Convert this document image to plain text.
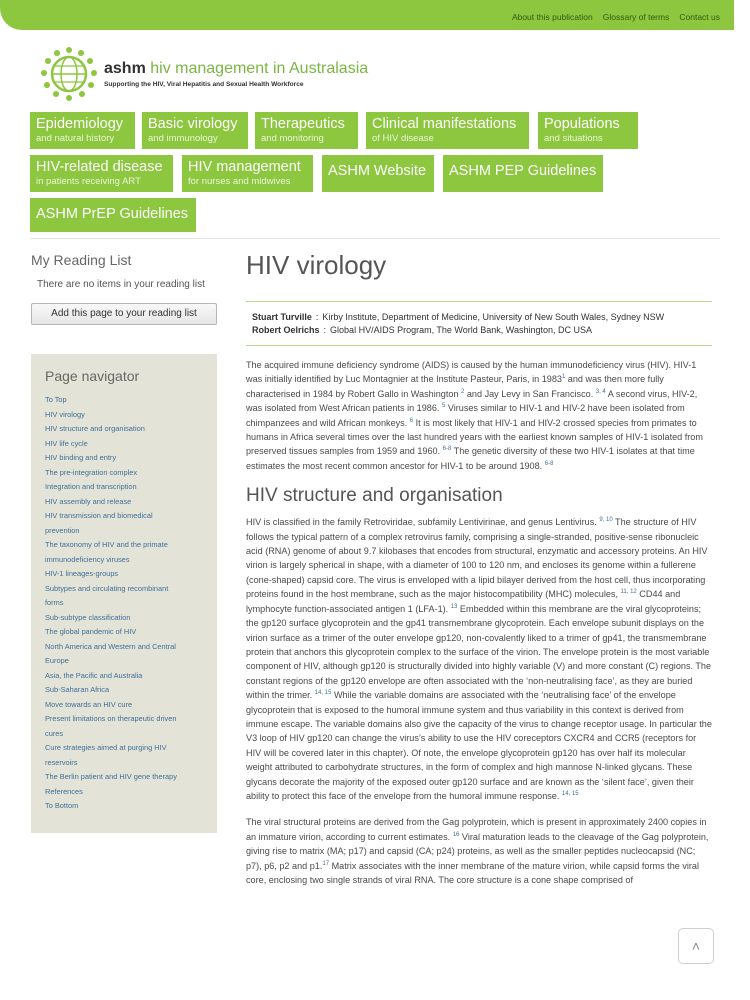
About this publication Glossary of terms Contact us
ashm hiv management in Australasia
Supporting the HIV, Viral Hepatitis and Sexual Health Workforce
Epidemiology
and natural history
Basic virology
and immunology
Therapeutics
and monitoring
Clinical manifestations
of HIV disease
Populations
and situations
HIV-related disease
in patients receiving ART
HIV management
for nurses and midwives
ASHM Website ASHM PEP Guidelines
ASHM PrEP Guidelines
My Reading List
There are no items in your reading list
Add this page to your reading list
Page navigator
To Top
HIV virology
HIV structure and organisation
HIV life cycle
HIV binding and entry
The pre-integration complex
Integration and transcription
HIV assembly and release
HIV transmission and biomedical
prevention
The taxonomy of HIV and the primate
immunodeficiency viruses
HIV-1 lineages-groups
Subtypes and circulating recombinant
forms
Sub-subtype classification
The global pandemic of HIV
North America and Western and Central
Europe
Asia, the Pacific and Australia
Sub-Saharan Africa
Move towards an HIV cure
Present limitations on therapeutic driven
cures
Cure strategies aimed at purging HIV
reservoirs
The Berlin patient and HIV gene therapy
References
To Bottom
HIV virology
Stuart Turville : Kirby Institute, Department of Medicine, University of New South Wales, Sydney NSW
Robert Oelrichs : Global HV/AIDS Program, The World Bank, Washington, DC USA

The acquired immune deficiency syndrome (AIDS) is caused by the human immunodeficiency virus (HIV). HIV-1 was initially identified by Luc Montagnier at the Institute Pasteur, Paris, in 1983$^1$ and was then more fully characterised in 1984 by Robert Gallo in Washington $^2$ and Jay Levy in San Francisco. $^{3, 4}$ A second virus, HIV-2, was isolated from West African patients in 1986. $^5$ Viruses similar to HIV-1 and HIV-2 have been isolated from chimpanzees and wild African monkeys. $^6$ It is most likely that HIV-1 and HIV-2 crossed species from primates to humans in Africa several times over the last hundred years with the earliest known samples of HIV-1 isolated from preserved tissues samples from 1959 and 1960. $^{6-8}$ The genetic diversity of these two HIV-1 isolates at that time estimates the most recent common ancestor for HIV-1 to be around 1908. $^{6-8}$

HIV structure and organisation

HIV is classified in the family Retroviridae, subfamily Lentivirinae, and genus Lentivirus. $^{9, 10}$ The structure of HIV follows the typical pattern of a complex retrovirus family, comprising a single-stranded, positive-sense ribonucleic acid (RNA) genome of about 9.7 kilobases that encodes from structural, enzymatic and accessory proteins. An HIV virion is largely spherical in shape, with a diameter of 100 to 120 nm, and encloses its genome within a fullerene (cone-shaped) capsid core. The virus is enveloped with a lipid bilayer derived from the host cell, thus incorporating proteins found in the host membrane, such as the major histocompatibility (MHC) molecules, $^{11, 12}$ CD44 and lymphocyte function-associated antigen 1 (LFA-1). $^{13}$ Embedded within this membrane are the viral glycoproteins; the gp120 surface glycoprotein and the gp41 transmembrane glycoprotein. Each envelope subunit displays on the virion surface as a trimer of the outer envelope gp120, non-covalently liked to a trimer of gp41, the transmembrane protein that anchors this glycoprotein complex to the surface of the virion. The envelope protein is the most variable component of HIV, although gp120 is structurally divided into highly variable (V) and more constant (C) regions. The constant regions of the gp120 envelope are often associated with the ‘non-neutralising face’, as they are buried within the trimer. $^{14, 15}$ While the variable domains are associated with the ‘neutralising face’ of the envelope glycoprotein that is exposed to the humoral immune system and thus variability in this context is derived from immune escape. The variable domains also give the capacity of the virus to change receptor usage. In particular the V3 loop of HIV gp120 can change the virus’s ability to use the HIV coreceptors CXCR4 and CCR5 (receptors for HIV will be covered later in this chapter). Of note, the envelope glycoprotein gp120 has over half its molecular weight attributed to carbohydrate structures, in the form of complex and high mannose N-linked glycans. These glycans decorate the majority of the exposed outer gp120 surface and are known as the ‘silent face’, given their ability to protect this face of the envelope from the humoral immune response. $^{14, 15}$

The viral structural proteins are derived from the Gag polyprotein, which is present in approximately 2400 copies in an immature virion, according to current estimates. $^{16}$ Viral maturation leads to the cleavage of the Gag polyprotein, giving rise to matrix (MA; p17) and capsid (CA; p24) proteins, as well as the smaller peptides nucleocapsid (NC; p7), p6, p2 and p1.17 Matrix associates with the inner membrane of the mature virion, while capsid forms the viral core, enclosing two single strands of viral RNA. The core structure is a cone shape comprised of

˄
